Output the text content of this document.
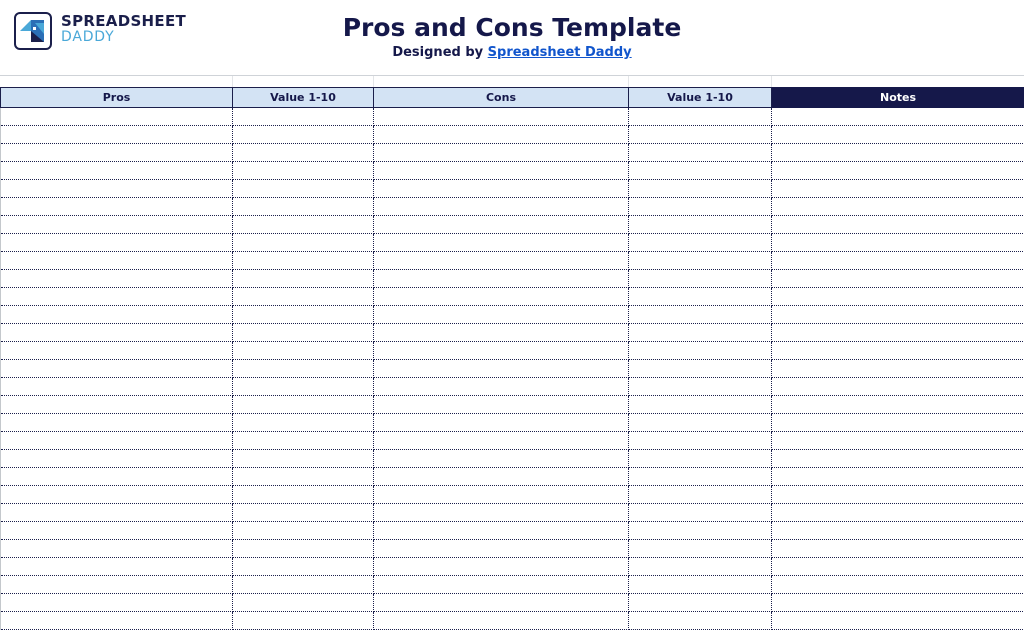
SPREADSHEET
DADDY	Pros and Cons Template
Designed by Spreadsheet Daddy
Pros	Value 1-10	Cons	Value 1-10	Notes
